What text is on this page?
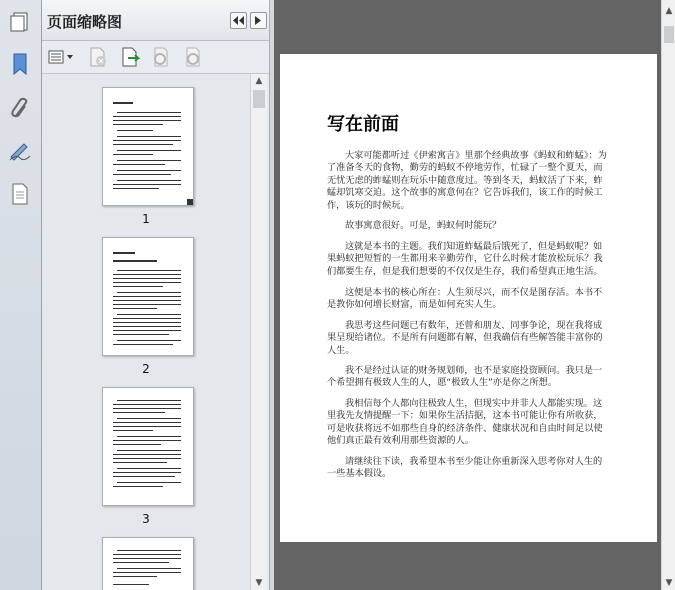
页面缩略图
1
2
3
▲
▼
写在前面

大家可能都听过《伊索寓言》里那个经典故事《蚂蚁和蚱蜢》：为了准备冬天的食物，勤劳的蚂蚁不停地劳作，忙碌了一整个夏天，而无忧无虑的蚱蜢则在玩乐中随意度过。等到冬天，蚂蚁活了下来，蚱蜢却饥寒交迫。这个故事的寓意何在？它告诉我们，该工作的时候工作，该玩的时候玩。

故事寓意很好。可是，蚂蚁何时能玩？

这就是本书的主题。我们知道蚱蜢最后饿死了，但是蚂蚁呢？如果蚂蚁把短暂的一生都用来辛勤劳作，它什么时候才能放松玩乐？我们都要生存，但是我们想要的不仅仅是生存，我们希望真正地生活。

这便是本书的核心所在：人生须尽兴，而不仅是图存活。本书不是教你如何增长财富，而是如何充实人生。

我思考这些问题已有数年，还曾和朋友、同事争论，现在我将成果呈现给诸位。不是所有问题都有解，但我确信有些解答能丰富你的人生。

我不是经过认证的财务规划师，也不是家庭投资顾问。我只是一个希望拥有极致人生的人，愿“极致人生”亦是你之所想。

我相信每个人都向往极致人生，但现实中并非人人都能实现。这里我先友情提醒一下：如果你生活拮据，这本书可能让你有所收获，可是收获将远不如那些自身的经济条件、健康状况和自由时间足以使他们真正最有效利用那些资源的人。

请继续往下读，我希望本书至少能让你重新深入思考你对人生的一些基本假设。

▲
▼
